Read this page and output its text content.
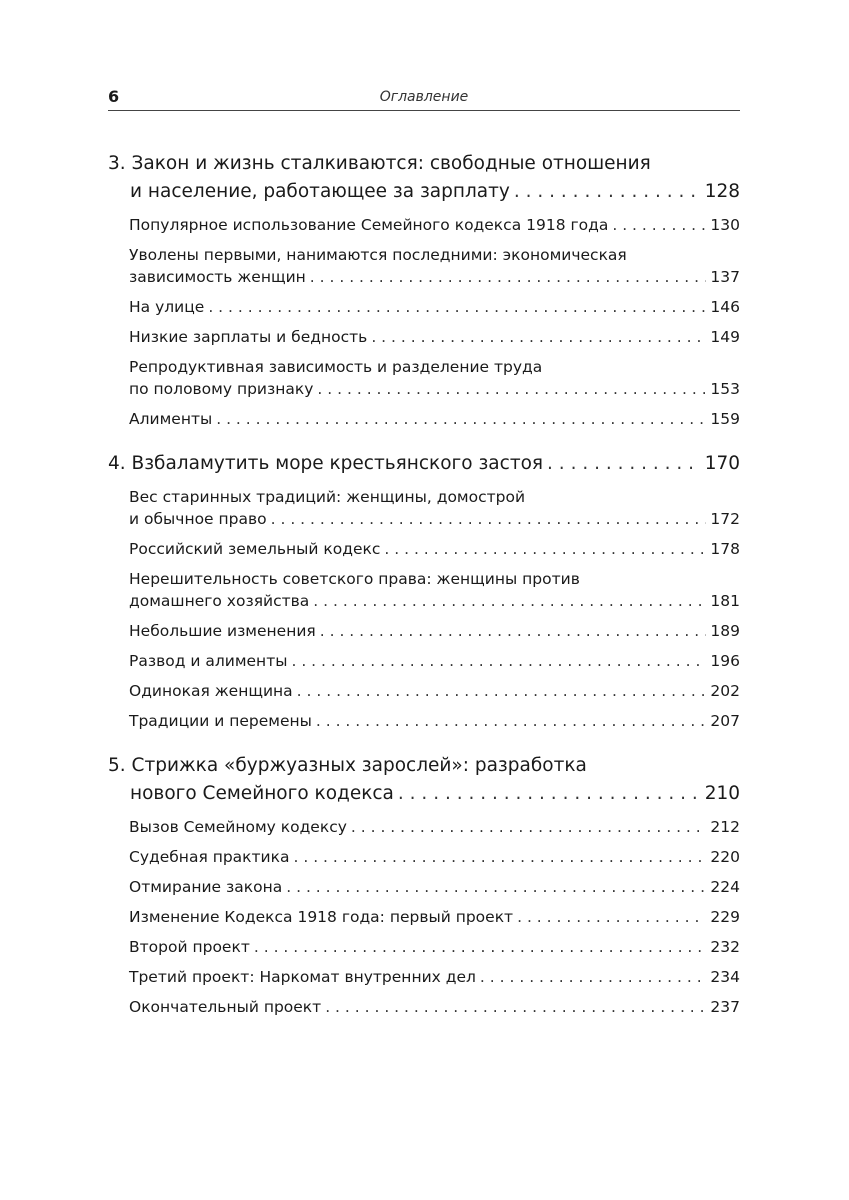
6	Оглавление
3. Закон и жизнь сталкиваются: свободные отношения
и население, работающее за зарплату . . .	128
Популярное использование Семейного кодекса 1918 года . . .	130
Уволены первыми, нанимаются последними: экономическая
зависимость женщин . . .	137
На улице . . .	146
Низкие зарплаты и бедность . . .	149
Репродуктивная зависимость и разделение труда
по половому признаку . . .	153
Алименты . . .	159
4. Взбаламутить море крестьянского застоя . . .	170
Вес старинных традиций: женщины, домострой
и обычное право . . .	172
Российский земельный кодекс . . .	178
Нерешительность советского права: женщины против
домашнего хозяйства . . .	181
Небольшие изменения . . .	189
Развод и алименты . . .	196
Одинокая женщина . . .	202
Традиции и перемены . . .	207
5. Стрижка «буржуазных зарослей»: разработка
нового Семейного кодекса . . .	210
Вызов Семейному кодексу . . .	212
Судебная практика . . .	220
Отмирание закона . . .	224
Изменение Кодекса 1918 года: первый проект . . .	229
Второй проект . . .	232
Третий проект: Наркомат внутренних дел . . .	234
Окончательный проект . . .	237
